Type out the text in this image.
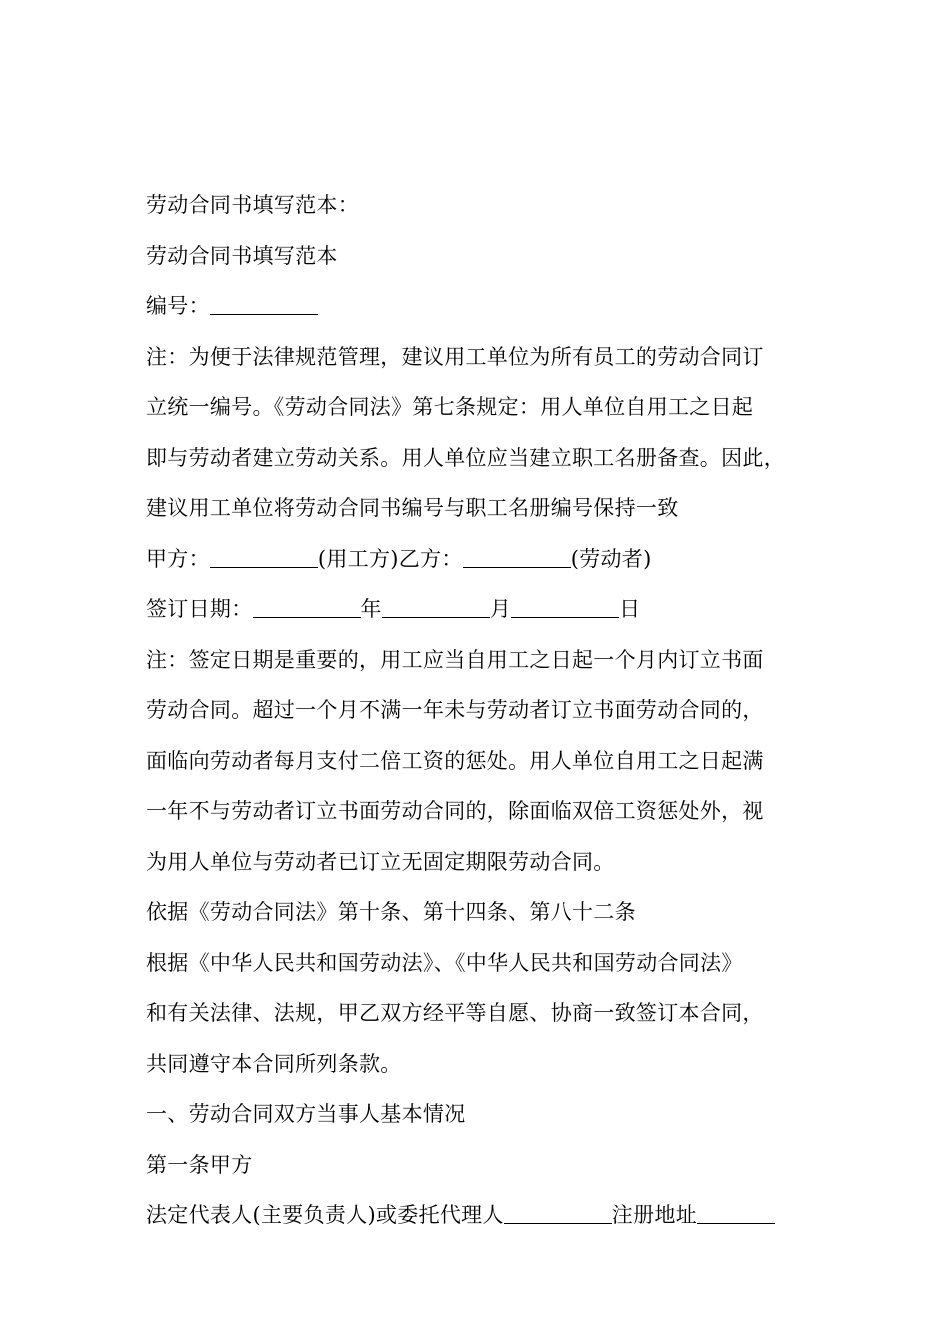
劳动合同书填写范本：
劳动合同书填写范本
编号：
注：为便于法律规范管理，建议用工单位为所有员工的劳动合同订
立统一编号。《劳动合同法》第七条规定：用人单位自用工之日起
即与劳动者建立劳动关系。用人单位应当建立职工名册备查。因此，
建议用工单位将劳动合同书编号与职工名册编号保持一致
甲方：	(用工方)乙方：	(劳动者)
签订日期：	年	月	日
注：签定日期是重要的，用工应当自用工之日起一个月内订立书面
劳动合同。超过一个月不满一年未与劳动者订立书面劳动合同的，
面临向劳动者每月支付二倍工资的惩处。用人单位自用工之日起满
一年不与劳动者订立书面劳动合同的，除面临双倍工资惩处外，视
为用人单位与劳动者已订立无固定期限劳动合同。
依据《劳动合同法》第十条、第十四条、第八十二条
根据《中华人民共和国劳动法》、《中华人民共和国劳动合同法》
和有关法律、法规，甲乙双方经平等自愿、协商一致签订本合同，
共同遵守本合同所列条款。
一、劳动合同双方当事人基本情况
第一条甲方
法定代表人(主要负责人)或委托代理人	注册地址
